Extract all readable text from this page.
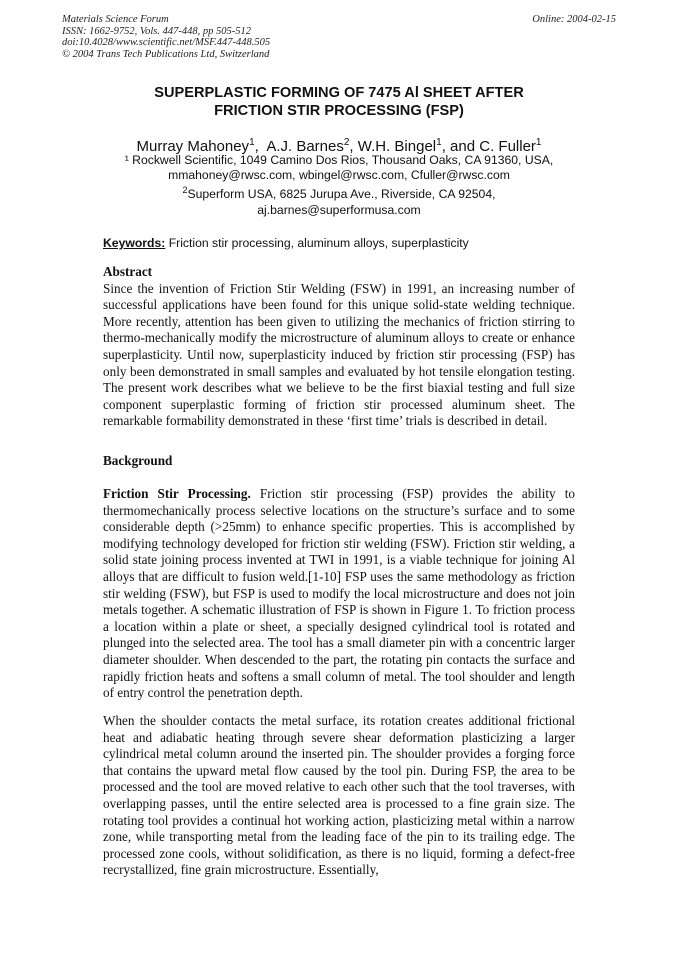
Materials Science Forum
ISSN: 1662-9752, Vols. 447-448, pp 505-512
doi:10.4028/www.scientific.net/MSF.447-448.505
© 2004 Trans Tech Publications Ltd, Switzerland
Online: 2004-02-15
SUPERPLASTIC FORMING OF 7475 Al SHEET AFTER
FRICTION STIR PROCESSING (FSP)
Murray Mahoney$^1$,  A.J. Barnes$^2$, W.H. Bingel$^1$, and C. Fuller$^1$
¹ Rockwell Scientific, 1049 Camino Dos Rios, Thousand Oaks, CA 91360, USA,
mmahoney@rwsc.com, wbingel@rwsc.com, Cfuller@rwsc.com
$^2$Superform USA, 6825 Jurupa Ave., Riverside, CA 92504,
aj.barnes@superformusa.com
Keywords: Friction stir processing, aluminum alloys, superplasticity
Abstract

Since the invention of Friction Stir Welding (FSW) in 1991, an increasing number of successful applications have been found for this unique solid-state welding technique. More recently, attention has been given to utilizing the mechanics of friction stirring to thermo-mechanically modify the microstructure of aluminum alloys to create or enhance superplasticity. Until now, superplasticity induced by friction stir processing (FSP) has only been demonstrated in small samples and evaluated by hot tensile elongation testing. The present work describes what we believe to be the first biaxial testing and full size component superplastic forming of friction stir processed aluminum sheet. The remarkable formability demonstrated in these ‘first time’ trials is described in detail.

Background

Friction Stir Processing. Friction stir processing (FSP) provides the ability to thermomechanically process selective locations on the structure’s surface and to some considerable depth (>25mm) to enhance specific properties. This is accomplished by modifying technology developed for friction stir welding (FSW). Friction stir welding, a solid state joining process invented at TWI in 1991, is a viable technique for joining Al alloys that are difficult to fusion weld.[1-10] FSP uses the same methodology as friction stir welding (FSW), but FSP is used to modify the local microstructure and does not join metals together. A schematic illustration of FSP is shown in Figure 1. To friction process a location within a plate or sheet, a specially designed cylindrical tool is rotated and plunged into the selected area. The tool has a small diameter pin with a concentric larger diameter shoulder. When descended to the part, the rotating pin contacts the surface and rapidly friction heats and softens a small column of metal. The tool shoulder and length of entry control the penetration depth.

When the shoulder contacts the metal surface, its rotation creates additional frictional heat and adiabatic heating through severe shear deformation plasticizing a larger cylindrical metal column around the inserted pin. The shoulder provides a forging force that contains the upward metal flow caused by the tool pin. During FSP, the area to be processed and the tool are moved relative to each other such that the tool traverses, with overlapping passes, until the entire selected area is processed to a fine grain size. The rotating tool provides a continual hot working action, plasticizing metal within a narrow zone, while transporting metal from the leading face of the pin to its trailing edge. The processed zone cools, without solidification, as there is no liquid, forming a defect-free recrystallized, fine grain microstructure. Essentially,
